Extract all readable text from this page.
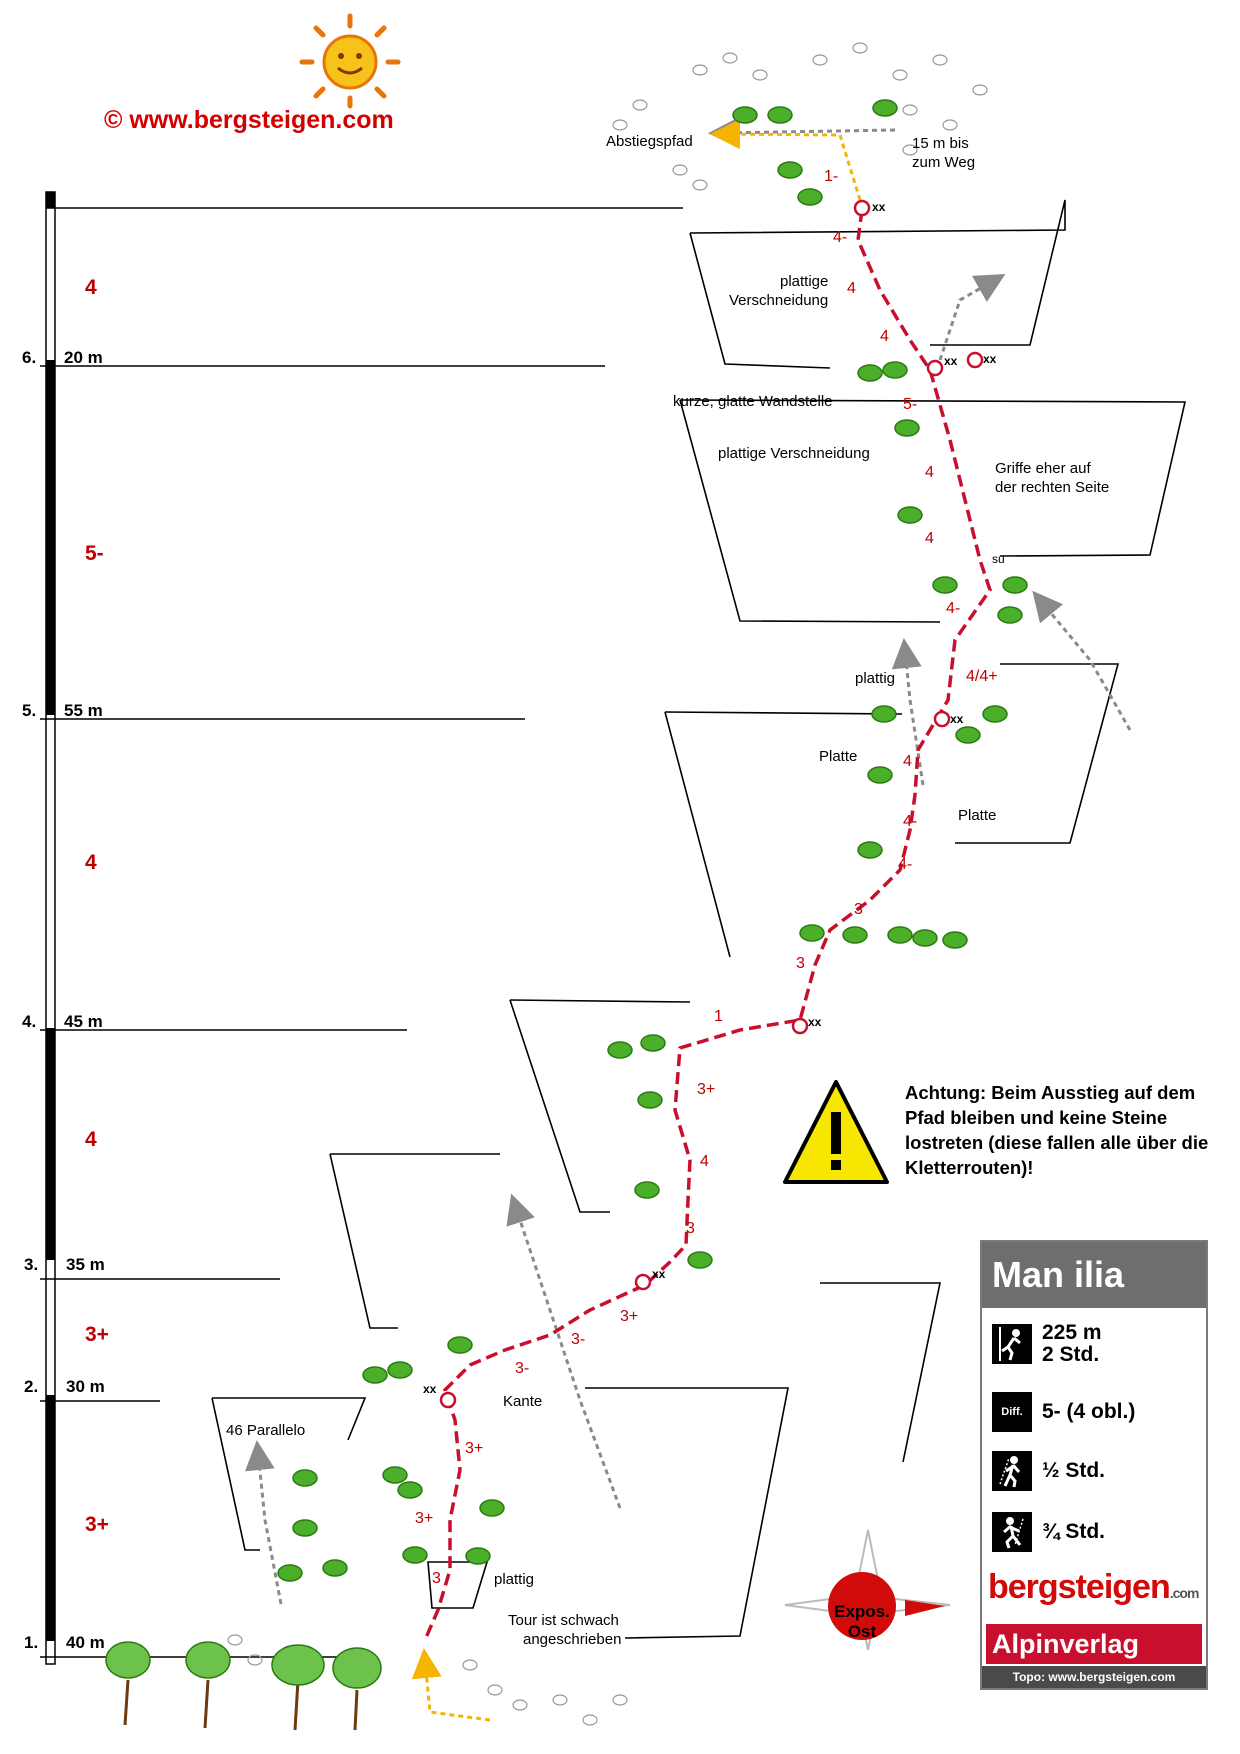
© www.bergsteigen.com
6. 20 m
4
5. 55 m
5-
4. 45 m
4
3. 35 m
4
2. 30 m
3+
1. 40 m
3+
Abstiegspfad	15 m bis
zum Weg
plattige
Verschneidung
kurze, glatte Wandstelle
plattige Verschneidung
Griffe eher auf
der rechten Seite
su
plattig
Platte
Platte
Kante
46 Parallelo
plattig
Tour ist schwach
angeschrieben
xx
xx xx
xx
xx
xx
xx
1-
4-
4
4
5-
4
4
4-
4/4+
4
4-
4-
3
3
1
3+
4
3
3+
3-
3-
3+
3+
3
Achtung: Beim Ausstieg auf dem Pfad bleiben und keine Steine lostreten (diese fallen alle über die Kletterrouten)!
Man ilia
225 m
2 Std.
Diff. 5- (4 obl.)
½ Std.
¾ Std.
bergsteigen.com
Alpinverlag
Topo: www.bergsteigen.com
Expos.
Ost
